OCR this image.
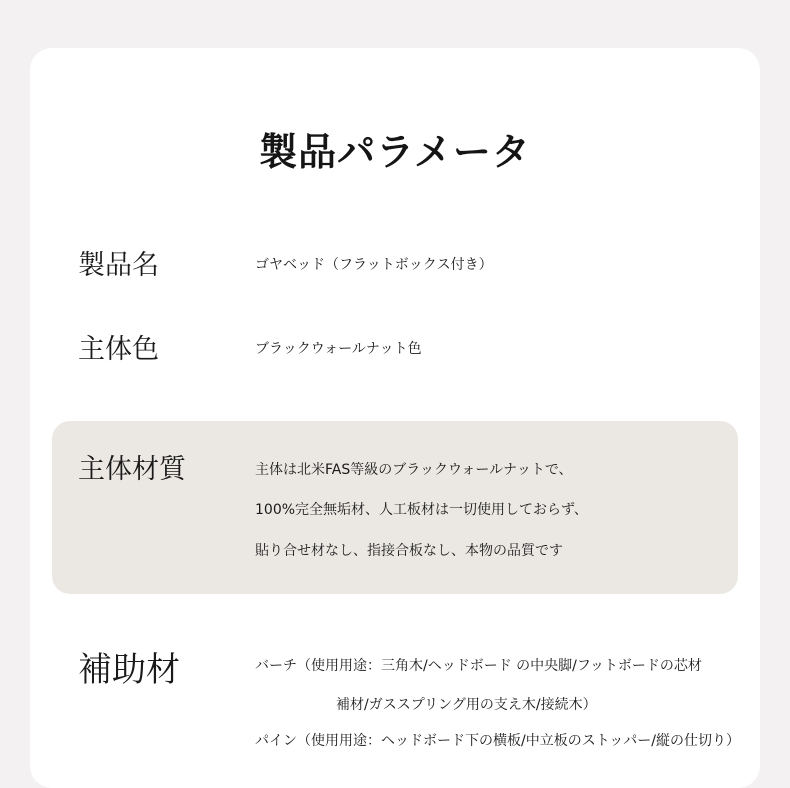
製品パラメータ
製品名	ゴヤベッド（フラットボックス付き）
主体色	ブラックウォールナット色
主体材質	主体は北米FAS等級のブラックウォールナットで、
100%完全無垢材、人工板材は一切使用しておらず、
貼り合せ材なし、指接合板なし、本物の品質です
補助材	バーチ（使用用途：三角木/ヘッドボード の中央脚/フットボードの芯材
補材/ガススプリング用の支え木/接続木）
パイン（使用用途：ヘッドボード下の横板/中立板のストッパー/縦の仕切り）
